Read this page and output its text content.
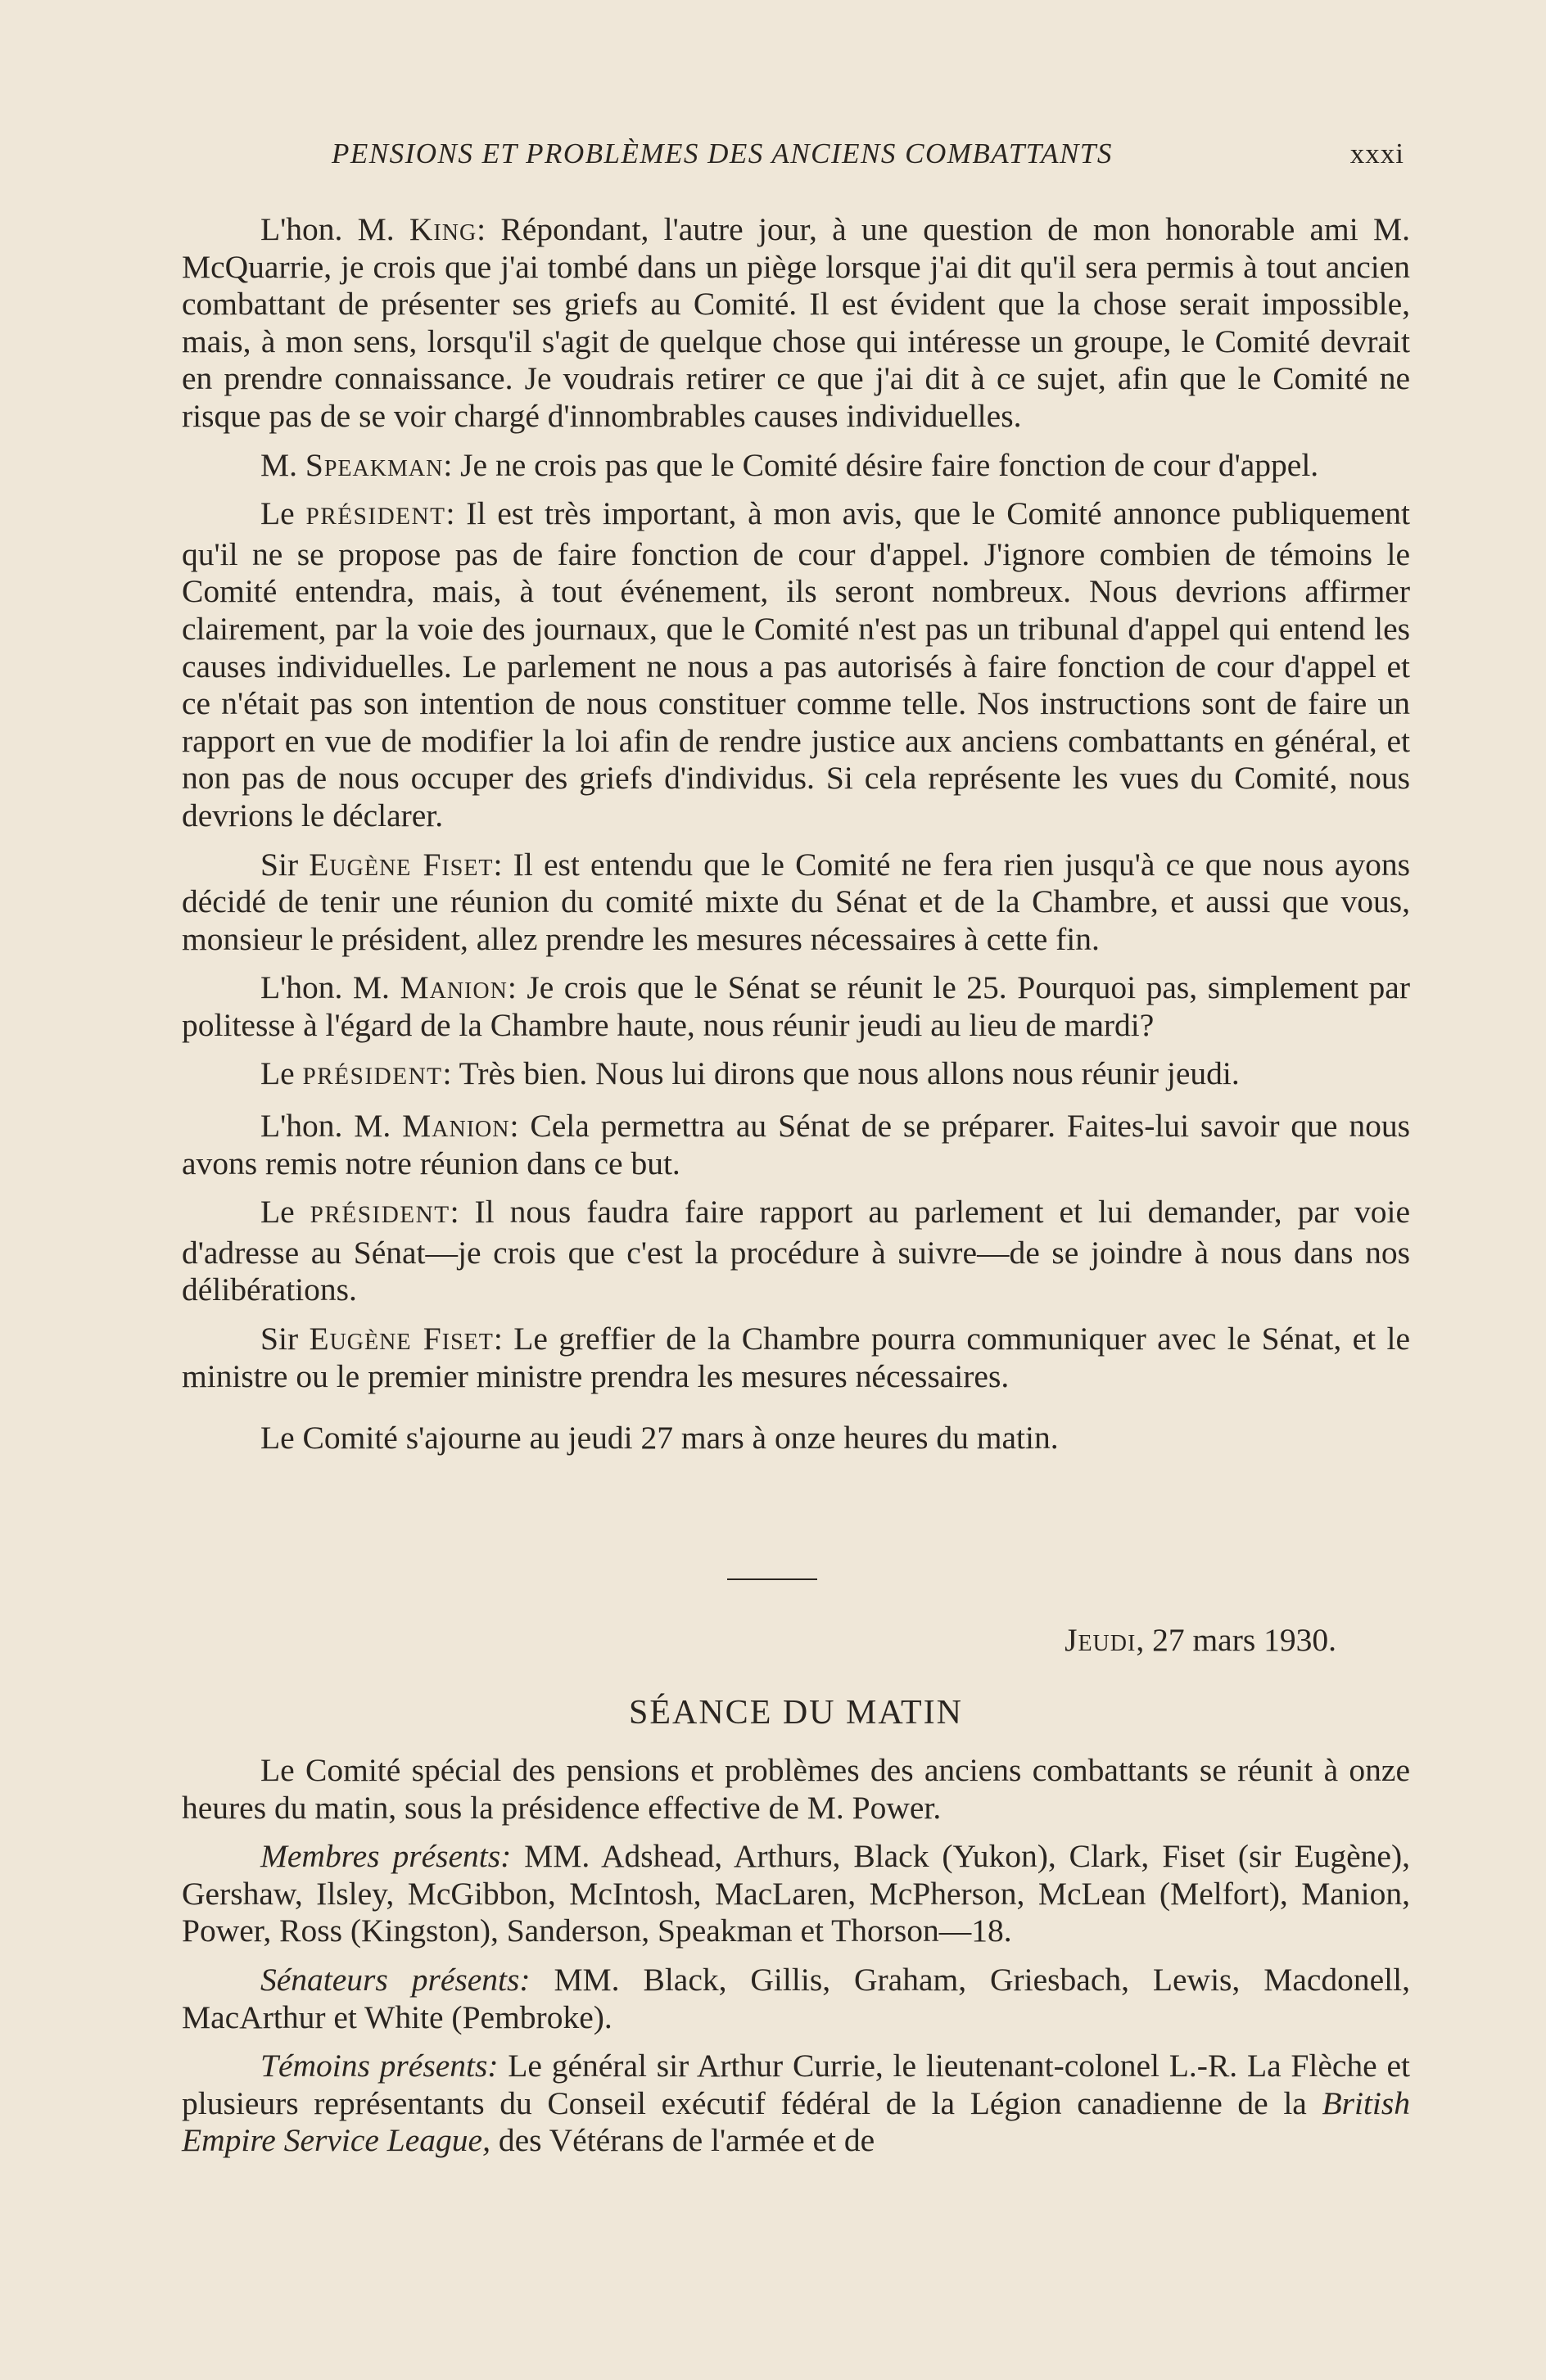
PENSIONS ET PROBLÈMES DES ANCIENS COMBATTANTS	xxxi

L'hon. M. King: Répondant, l'autre jour, à une question de mon honorable ami M. McQuarrie, je crois que j'ai tombé dans un piège lorsque j'ai dit qu'il sera permis à tout ancien combattant de présenter ses griefs au Comité. Il est évident que la chose serait impossible, mais, à mon sens, lorsqu'il s'agit de quelque chose qui intéresse un groupe, le Comité devrait en prendre connaissance. Je voudrais retirer ce que j'ai dit à ce sujet, afin que le Comité ne risque pas de se voir chargé d'innombrables causes individuelles.

M. Speakman: Je ne crois pas que le Comité désire faire fonction de cour d'appel.

Le PRÉSIDENT: Il est très important, à mon avis, que le Comité annonce publiquement qu'il ne se propose pas de faire fonction de cour d'appel. J'ignore combien de témoins le Comité entendra, mais, à tout événement, ils seront nombreux. Nous devrions affirmer clairement, par la voie des journaux, que le Comité n'est pas un tribunal d'appel qui entend les causes individuelles. Le parlement ne nous a pas autorisés à faire fonction de cour d'appel et ce n'était pas son intention de nous constituer comme telle. Nos instructions sont de faire un rapport en vue de modifier la loi afin de rendre justice aux anciens combattants en général, et non pas de nous occuper des griefs d'individus. Si cela représente les vues du Comité, nous devrions le déclarer.

Sir Eugène Fiset: Il est entendu que le Comité ne fera rien jusqu'à ce que nous ayons décidé de tenir une réunion du comité mixte du Sénat et de la Chambre, et aussi que vous, monsieur le président, allez prendre les mesures nécessaires à cette fin.

L'hon. M. Manion: Je crois que le Sénat se réunit le 25. Pourquoi pas, simplement par politesse à l'égard de la Chambre haute, nous réunir jeudi au lieu de mardi?

Le PRÉSIDENT: Très bien. Nous lui dirons que nous allons nous réunir jeudi.

L'hon. M. Manion: Cela permettra au Sénat de se préparer. Faites-lui savoir que nous avons remis notre réunion dans ce but.

Le PRÉSIDENT: Il nous faudra faire rapport au parlement et lui demander, par voie d'adresse au Sénat—je crois que c'est la procédure à suivre—de se joindre à nous dans nos délibérations.

Sir Eugène Fiset: Le greffier de la Chambre pourra communiquer avec le Sénat, et le ministre ou le premier ministre prendra les mesures nécessaires.

Le Comité s'ajourne au jeudi 27 mars à onze heures du matin.

Jeudi, 27 mars 1930.
SÉANCE DU MATIN

Le Comité spécial des pensions et problèmes des anciens combattants se réunit à onze heures du matin, sous la présidence effective de M. Power.

Membres présents: MM. Adshead, Arthurs, Black (Yukon), Clark, Fiset (sir Eugène), Gershaw, Ilsley, McGibbon, McIntosh, MacLaren, McPherson, McLean (Melfort), Manion, Power, Ross (Kingston), Sanderson, Speakman et Thorson—18.

Sénateurs présents: MM. Black, Gillis, Graham, Griesbach, Lewis, Macdonell, MacArthur et White (Pembroke).

Témoins présents: Le général sir Arthur Currie, le lieutenant-colonel L.-R. La Flèche et plusieurs représentants du Conseil exécutif fédéral de la Légion canadienne de la British Empire Service League, des Vétérans de l'armée et de
